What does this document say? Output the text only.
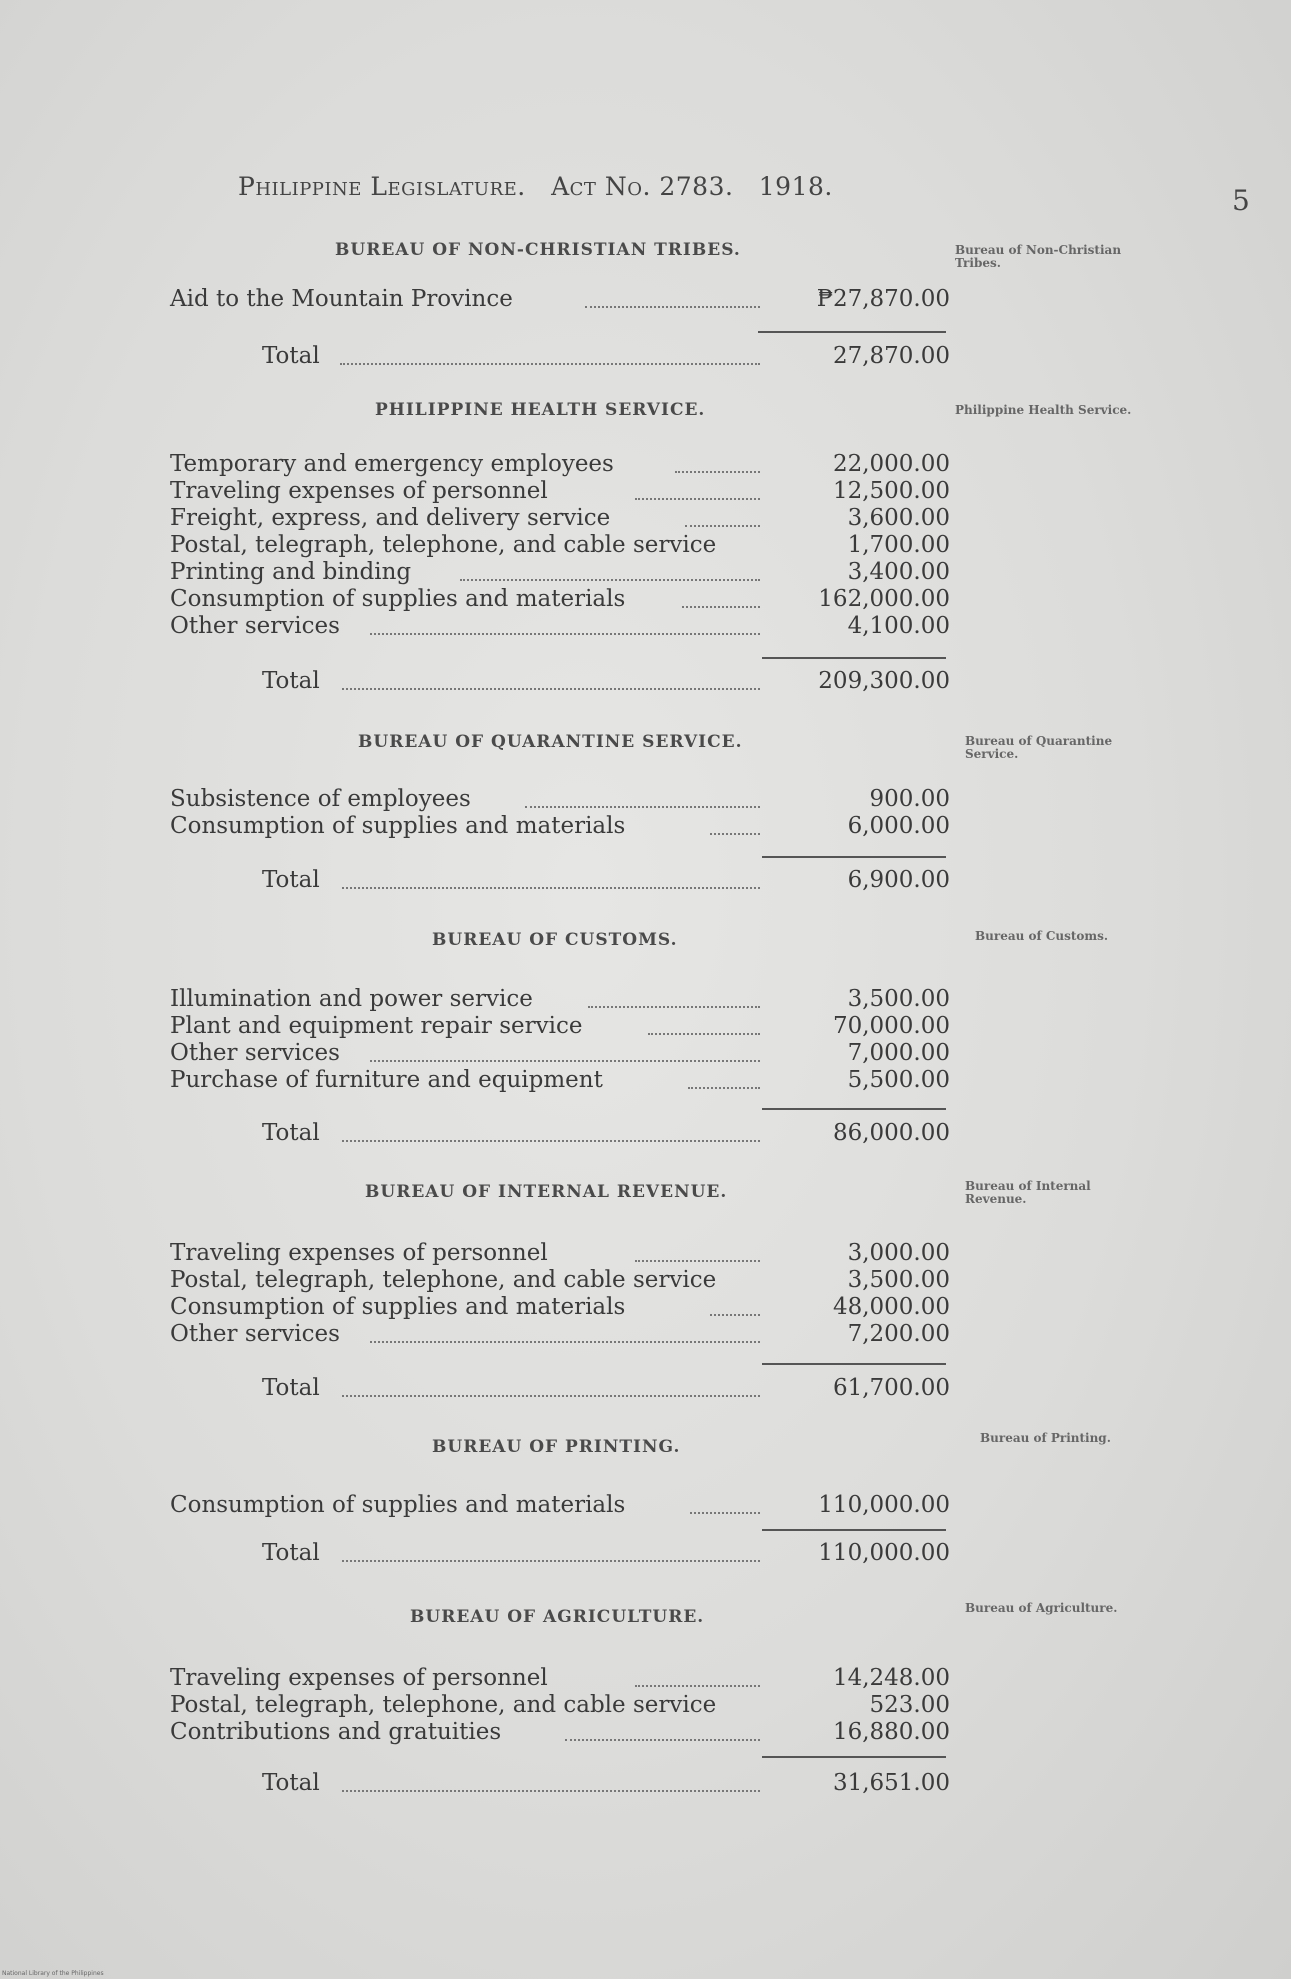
Philippine Legislature. Act No. 2783. 1918.	5
BUREAU OF NON-CHRISTIAN TRIBES.
Aid to the Mountain Province	₱27,870.00
Total	27,870.00
Bureau of Non-Christian Tribes.
PHILIPPINE HEALTH SERVICE.
Temporary and emergency employees	22,000.00
Traveling expenses of personnel	12,500.00
Freight, express, and delivery service	3,600.00
Postal, telegraph, telephone, and cable service	1,700.00
Printing and binding	3,400.00
Consumption of supplies and materials	162,000.00
Other services	4,100.00
Total	209,300.00
Philippine Health Service.
BUREAU OF QUARANTINE SERVICE.
Subsistence of employees	900.00
Consumption of supplies and materials	6,000.00
Total	6,900.00
Bureau of Quarantine Service.
BUREAU OF CUSTOMS.
Illumination and power service	3,500.00
Plant and equipment repair service	70,000.00
Other services	7,000.00
Purchase of furniture and equipment	5,500.00
Total	86,000.00
Bureau of Customs.
BUREAU OF INTERNAL REVENUE.
Traveling expenses of personnel	3,000.00
Postal, telegraph, telephone, and cable service	3,500.00
Consumption of supplies and materials	48,000.00
Other services	7,200.00
Total	61,700.00
Bureau of Internal Revenue.
BUREAU OF PRINTING.
Consumption of supplies and materials	110,000.00
Total	110,000.00
Bureau of Printing.
BUREAU OF AGRICULTURE.
Traveling expenses of personnel	14,248.00
Postal, telegraph, telephone, and cable service	523.00
Contributions and gratuities	16,880.00
Total	31,651.00
Bureau of Agriculture.
National Library of the Philippines
